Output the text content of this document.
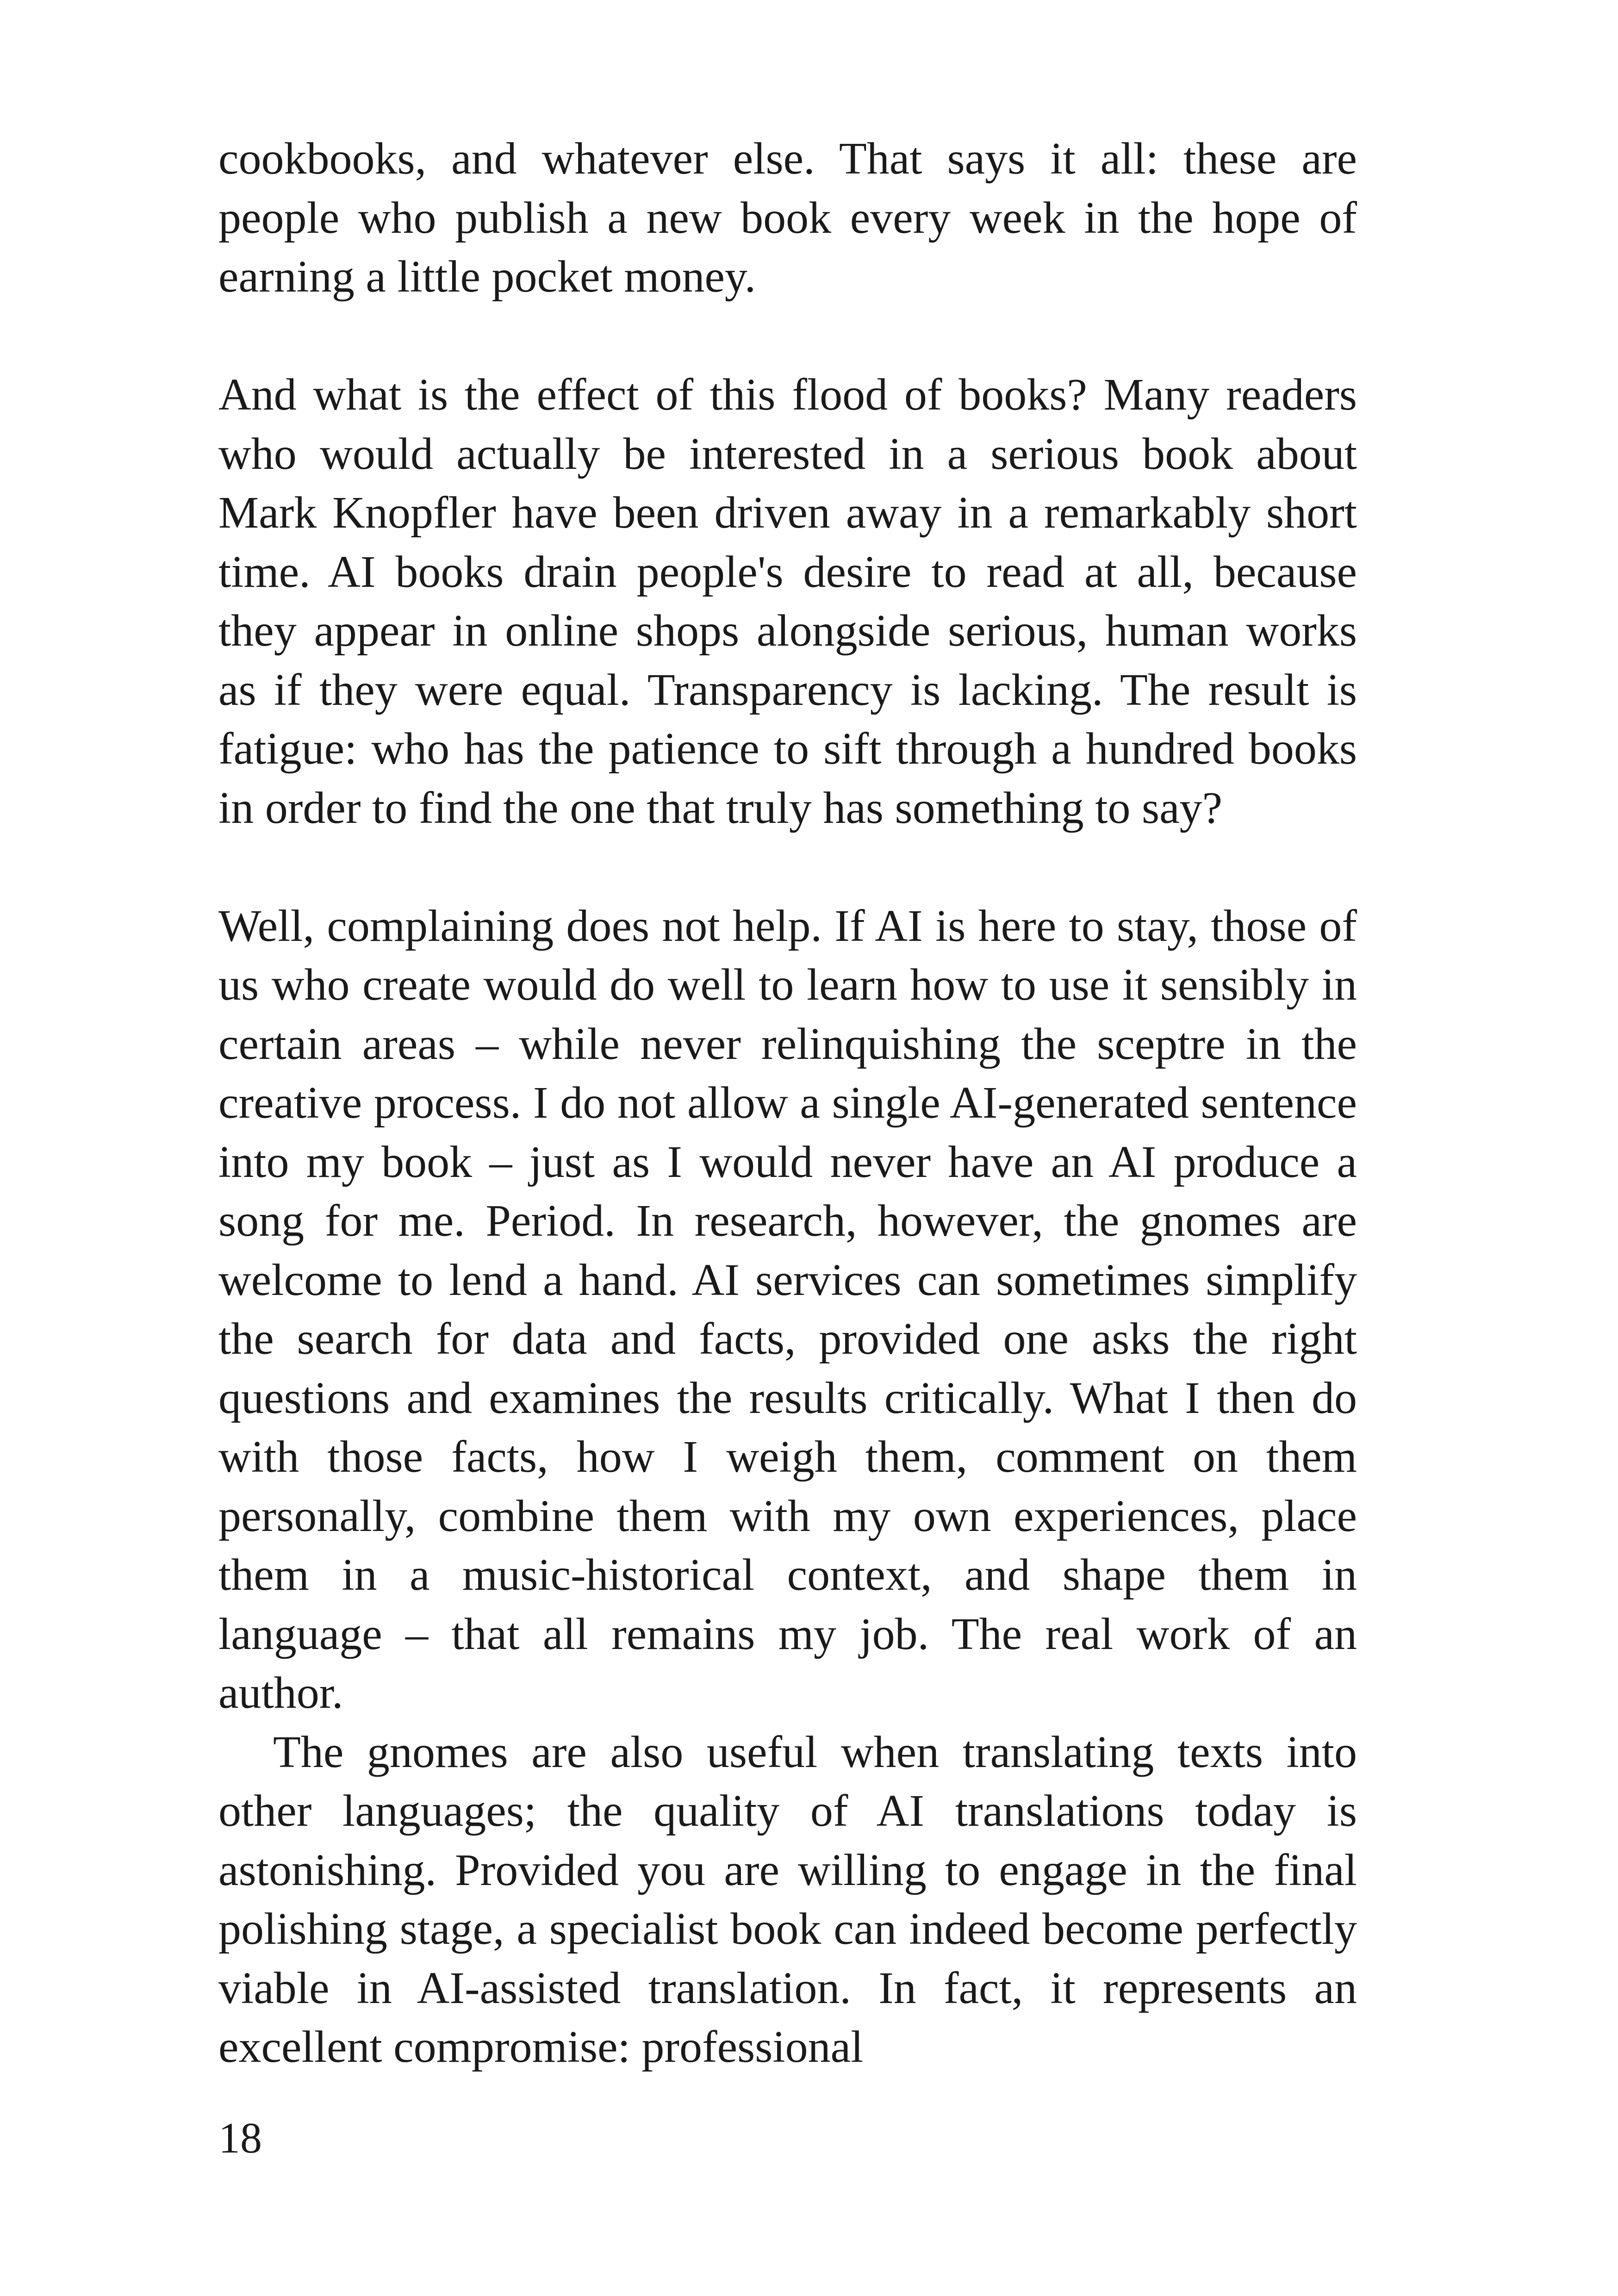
cookbooks, and whatever else. That says it all: these are people who publish a new book every week in the hope of earning a little pocket money.

And what is the effect of this flood of books? Many readers who would actually be interested in a serious book about Mark Knopfler have been driven away in a remarkably short time. AI books drain people's desire to read at all, because they appear in online shops alongside serious, human works as if they were equal. Transparency is lacking. The result is fatigue: who has the patience to sift through a hundred books in order to find the one that truly has something to say?

Well, complaining does not help. If AI is here to stay, those of us who create would do well to learn how to use it sensibly in certain areas – while never relinquishing the sceptre in the creative process. I do not allow a single AI-generated sentence into my book – just as I would never have an AI produce a song for me. Period. In research, however, the gnomes are welcome to lend a hand. AI services can sometimes simplify the search for data and facts, provided one asks the right questions and examines the results critically. What I then do with those facts, how I weigh them, comment on them personally, combine them with my own experiences, place them in a music-historical context, and shape them in language – that all remains my job. The real work of an author.

The gnomes are also useful when translating texts into other languages; the quality of AI translations today is astonishing. Provided you are willing to engage in the final polishing stage, a specialist book can indeed become perfectly viable in AI-assisted translation. In fact, it represents an excellent compromise: professional

18
